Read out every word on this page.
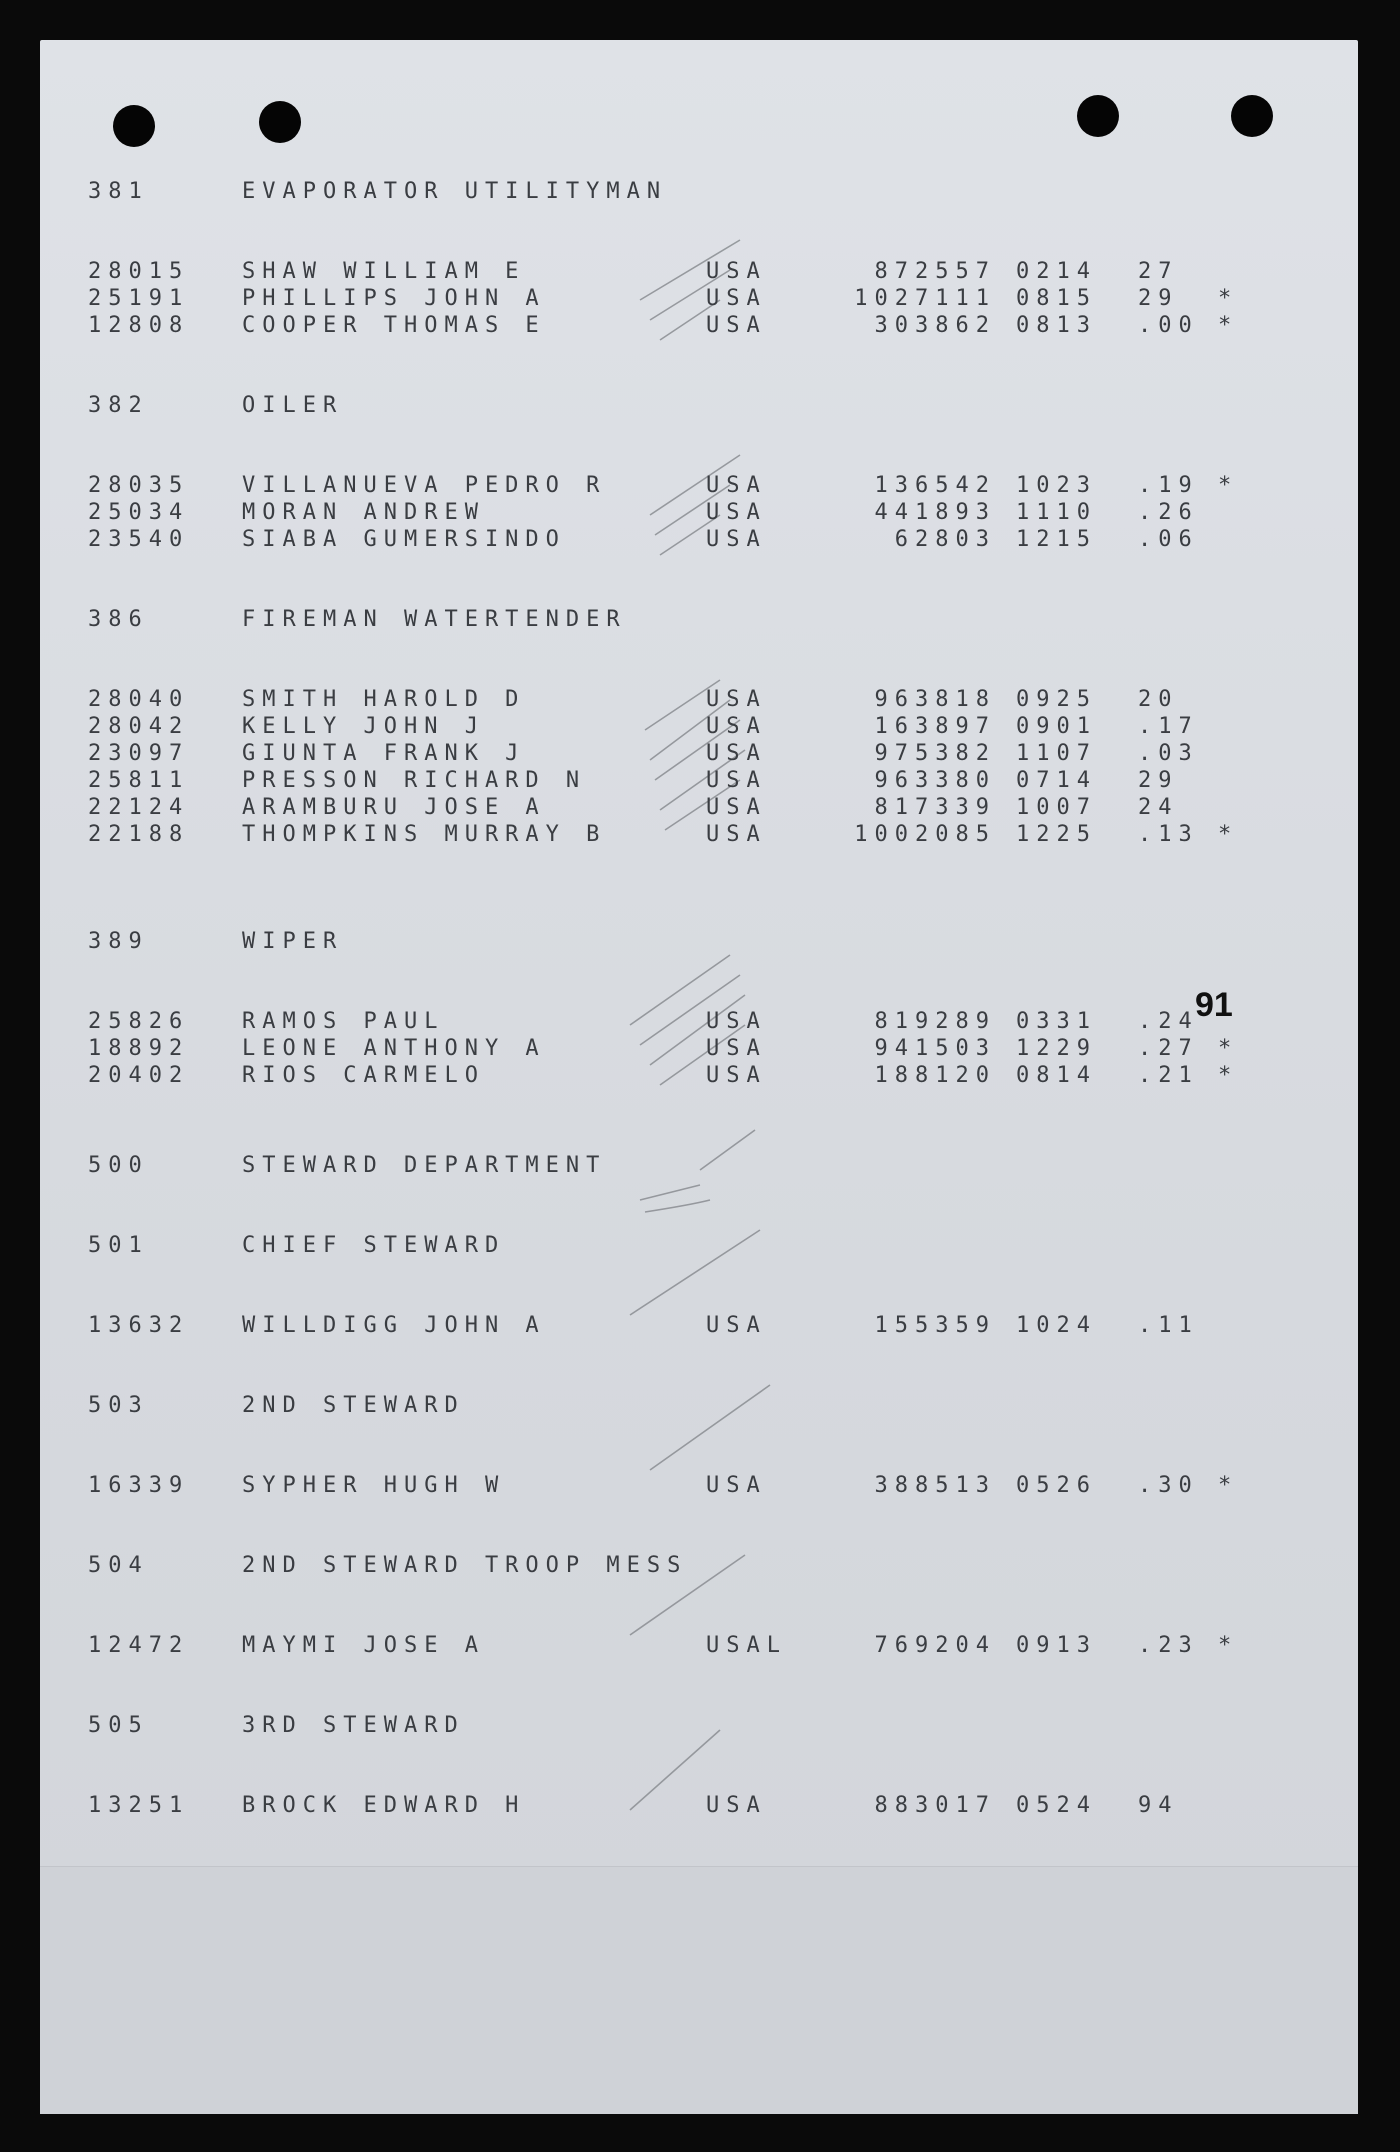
91
381	EVAPORATOR UTILITYMAN
28015 SHAW WILLIAM E	USA	872557 0214 27
25191 PHILLIPS JOHN A	USA	1027111 0815 29 *
12808 COOPER THOMAS E	USA	303862 0813 .00 *
382	OILER
28035 VILLANUEVA PEDRO R	USA	136542 1023 .19 *
25034 MORAN ANDREW	USA	441893 1110 .26
23540 SIABA GUMERSINDO	USA	62803 1215 .06
386	FIREMAN WATERTENDER
28040 SMITH HAROLD D	USA	963818 0925 20
28042 KELLY JOHN J	USA	163897 0901 .17
23097 GIUNTA FRANK J	USA	975382 1107 .03
25811 PRESSON RICHARD N	USA	963380 0714 29
22124 ARAMBURU JOSE A	USA	817339 1007 24
22188 THOMPKINS MURRAY B	USA	1002085 1225 .13 *
389	WIPER
25826 RAMOS PAUL	USA	819289 0331 .24
18892 LEONE ANTHONY A	USA	941503 1229 .27 *
20402 RIOS CARMELO	USA	188120 0814 .21 *
500	STEWARD DEPARTMENT
501	CHIEF STEWARD
13632 WILLDIGG JOHN A	USA	155359 1024 .11
503	2ND STEWARD
16339 SYPHER HUGH W	USA	388513 0526 .30 *
504	2ND STEWARD TROOP MESS
12472 MAYMI JOSE A	USAL	769204 0913 .23 *
505	3RD STEWARD
13251 BROCK EDWARD H	USA	883017 0524 94
